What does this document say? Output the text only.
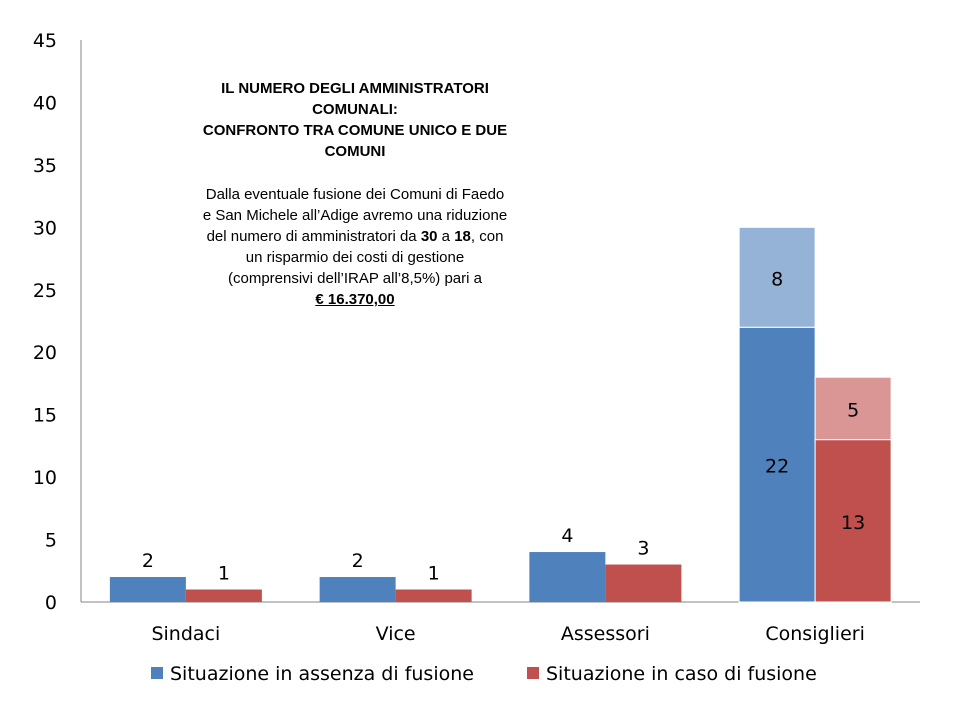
0
5
10
15
20
25
30
35
40
45
Sindaci	Vice	Assessori	Consiglieri
2	2
4
22
8
1	1
3
13
5
Situazione in assenza di fusione	Situazione in caso di fusione
IL NUMERO DEGLI AMMINISTRATORI
COMUNALI:
CONFRONTO TRA COMUNE UNICO E DUE
COMUNI
Dalla eventuale fusione dei Comuni di Faedo
e San Michele all’Adige avremo una riduzione
del numero di amministratori da 30 a 18, con
un risparmio dei costi di gestione
(comprensivi dell’IRAP all’8,5%) pari a
€ 16.370,00
